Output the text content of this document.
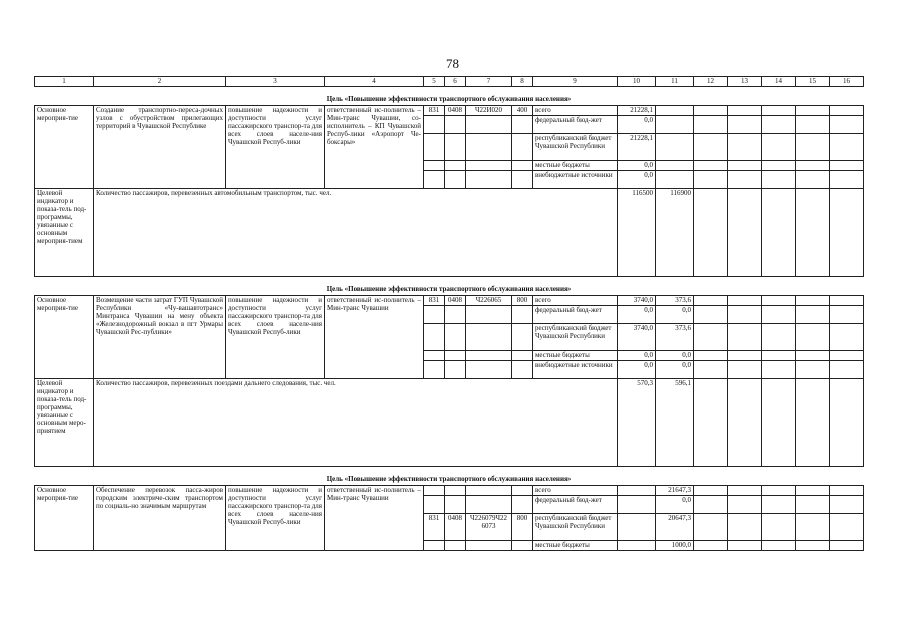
78
1	2	3	4	5	6	7	8	9	10	11	12	13	14	15	16
Цель «Повышение эффективности транспортного обслуживания населения»															
Основное мероприя-тие	Создание транспортно-переса-дочных узлов с обустройством прилегающих территорий в Чувашской Республике	повышение надежности и доступности услуг пассажирского транспор-та для всех слоев населе-ния Чувашской Респуб-лики	ответственный ис-полнитель – Мин-транс Чувашии, со-исполнитель – КП Чувашской Респуб-лики «Аэропорт Че-боксары»	831	0408	Ч22И020	400	всего	21228,1						
								федеральный бюд-жет	0,0						
								республиканский бюджет Чувашской Республики	21228,1						
								местные бюджеты	0,0						
								внебюджетные источники	0,0						
Целевой индикатор и показа-тель под-программы, увязанные с основным мероприя-тием	Количество пассажиров, перевезенных автомобильным транспортом, тыс. чел.								116500	116900					
Цель «Повышение эффективности транспортного обслуживания населения»															
Основное мероприя-тие	Возмещение части затрат ГУП Чувашской Республики «Чу-вашавтотранс» Минтранса Чувашии на мену объекта «Железнодорожный вокзал в пгт Урмары Чувашской Рес-публики»	повышение надежности и доступности услуг пассажирского транспор-та для всех слоев населе-ния Чувашской Респуб-лики	ответственный ис-полнитель – Мин-транс Чувашии	831	0408	Ч226065	800	всего	3740,0	373,6					
								федеральный бюд-жет	0,0	0,0					
								республиканский бюджет Чувашской Республики	3740,0	373,6					
								местные бюджеты	0,0	0,0					
								внебюджетные источники	0,0	0,0					
Целевой индикатор и показа-тель под-программы, увязанные с основным меро-приятием	Количество пассажиров, перевезенных поездами дальнего следования, тыс. чел.								570,3	596,1					
Цель «Повышение эффективности транспортного обслуживания населения»															
Основное мероприя-тие	Обеспечение перевозок пасса-жиров городским электриче-ским транспортом по социаль-но значимым маршрутам	повышение надежности и доступности услуг пассажирского транспор-та для всех слоев населе-ния Чувашской Респуб-лики	ответственный ис-полнитель – Мин-транс Чувашии					всего		21647,3					
								федеральный бюд-жет		0,0					
				831	0408	Ч226079Ч22 6073	800	республиканский бюджет Чувашской Республики		20647,3					
								местные бюджеты		1000,0					
